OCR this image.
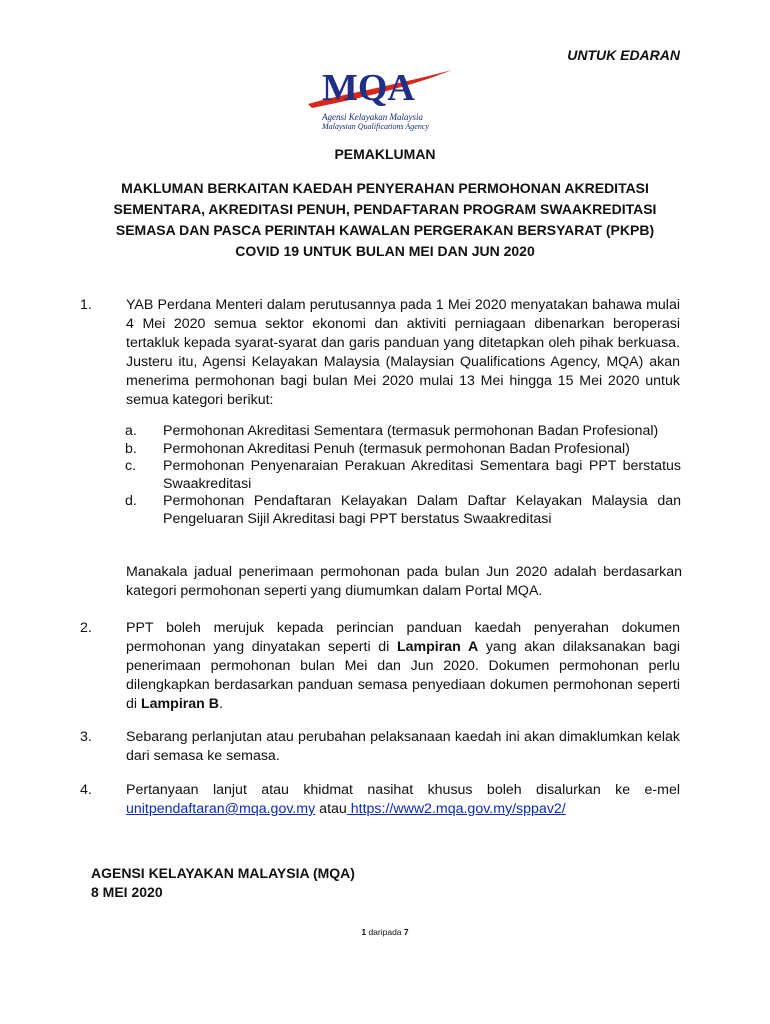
UNTUK EDARAN
MQA
Agensi Kelayakan Malaysia
Malaysian Qualifications Agency
PEMAKLUMAN
MAKLUMAN BERKAITAN KAEDAH PENYERAHAN PERMOHONAN AKREDITASI SEMENTARA, AKREDITASI PENUH, PENDAFTARAN PROGRAM SWAAKREDITASI SEMASA DAN PASCA PERINTAH KAWALAN PERGERAKAN BERSYARAT (PKPB) COVID 19 UNTUK BULAN MEI DAN JUN 2020
1. YAB Perdana Menteri dalam perutusannya pada 1 Mei 2020 menyatakan bahawa mulai 4 Mei 2020 semua sektor ekonomi dan aktiviti perniagaan dibenarkan beroperasi tertakluk kepada syarat-syarat dan garis panduan yang ditetapkan oleh pihak berkuasa. Justeru itu, Agensi Kelayakan Malaysia (Malaysian Qualifications Agency, MQA) akan menerima permohonan bagi bulan Mei 2020 mulai 13 Mei hingga 15 Mei 2020 untuk semua kategori berikut:
a. Permohonan Akreditasi Sementara (termasuk permohonan Badan Profesional)
b. Permohonan Akreditasi Penuh (termasuk permohonan Badan Profesional)
c. Permohonan Penyenaraian Perakuan Akreditasi Sementara bagi PPT berstatus Swaakreditasi
d. Permohonan Pendaftaran Kelayakan Dalam Daftar Kelayakan Malaysia dan Pengeluaran Sijil Akreditasi bagi PPT berstatus Swaakreditasi
Manakala jadual penerimaan permohonan pada bulan Jun 2020 adalah berdasarkan kategori permohonan seperti yang diumumkan dalam Portal MQA.
2. PPT boleh merujuk kepada perincian panduan kaedah penyerahan dokumen permohonan yang dinyatakan seperti di Lampiran A yang akan dilaksanakan bagi penerimaan permohonan bulan Mei dan Jun 2020. Dokumen permohonan perlu dilengkapkan berdasarkan panduan semasa penyediaan dokumen permohonan seperti di Lampiran B.
3. Sebarang perlanjutan atau perubahan pelaksanaan kaedah ini akan dimaklumkan kelak dari semasa ke semasa.
4. Pertanyaan lanjut atau khidmat nasihat khusus boleh disalurkan ke e-mel unitpendaftaran@mqa.gov.my atau https://www2.mqa.gov.my/sppav2/
AGENSI KELAYAKAN MALAYSIA (MQA)
8 MEI 2020
1 daripada 7
